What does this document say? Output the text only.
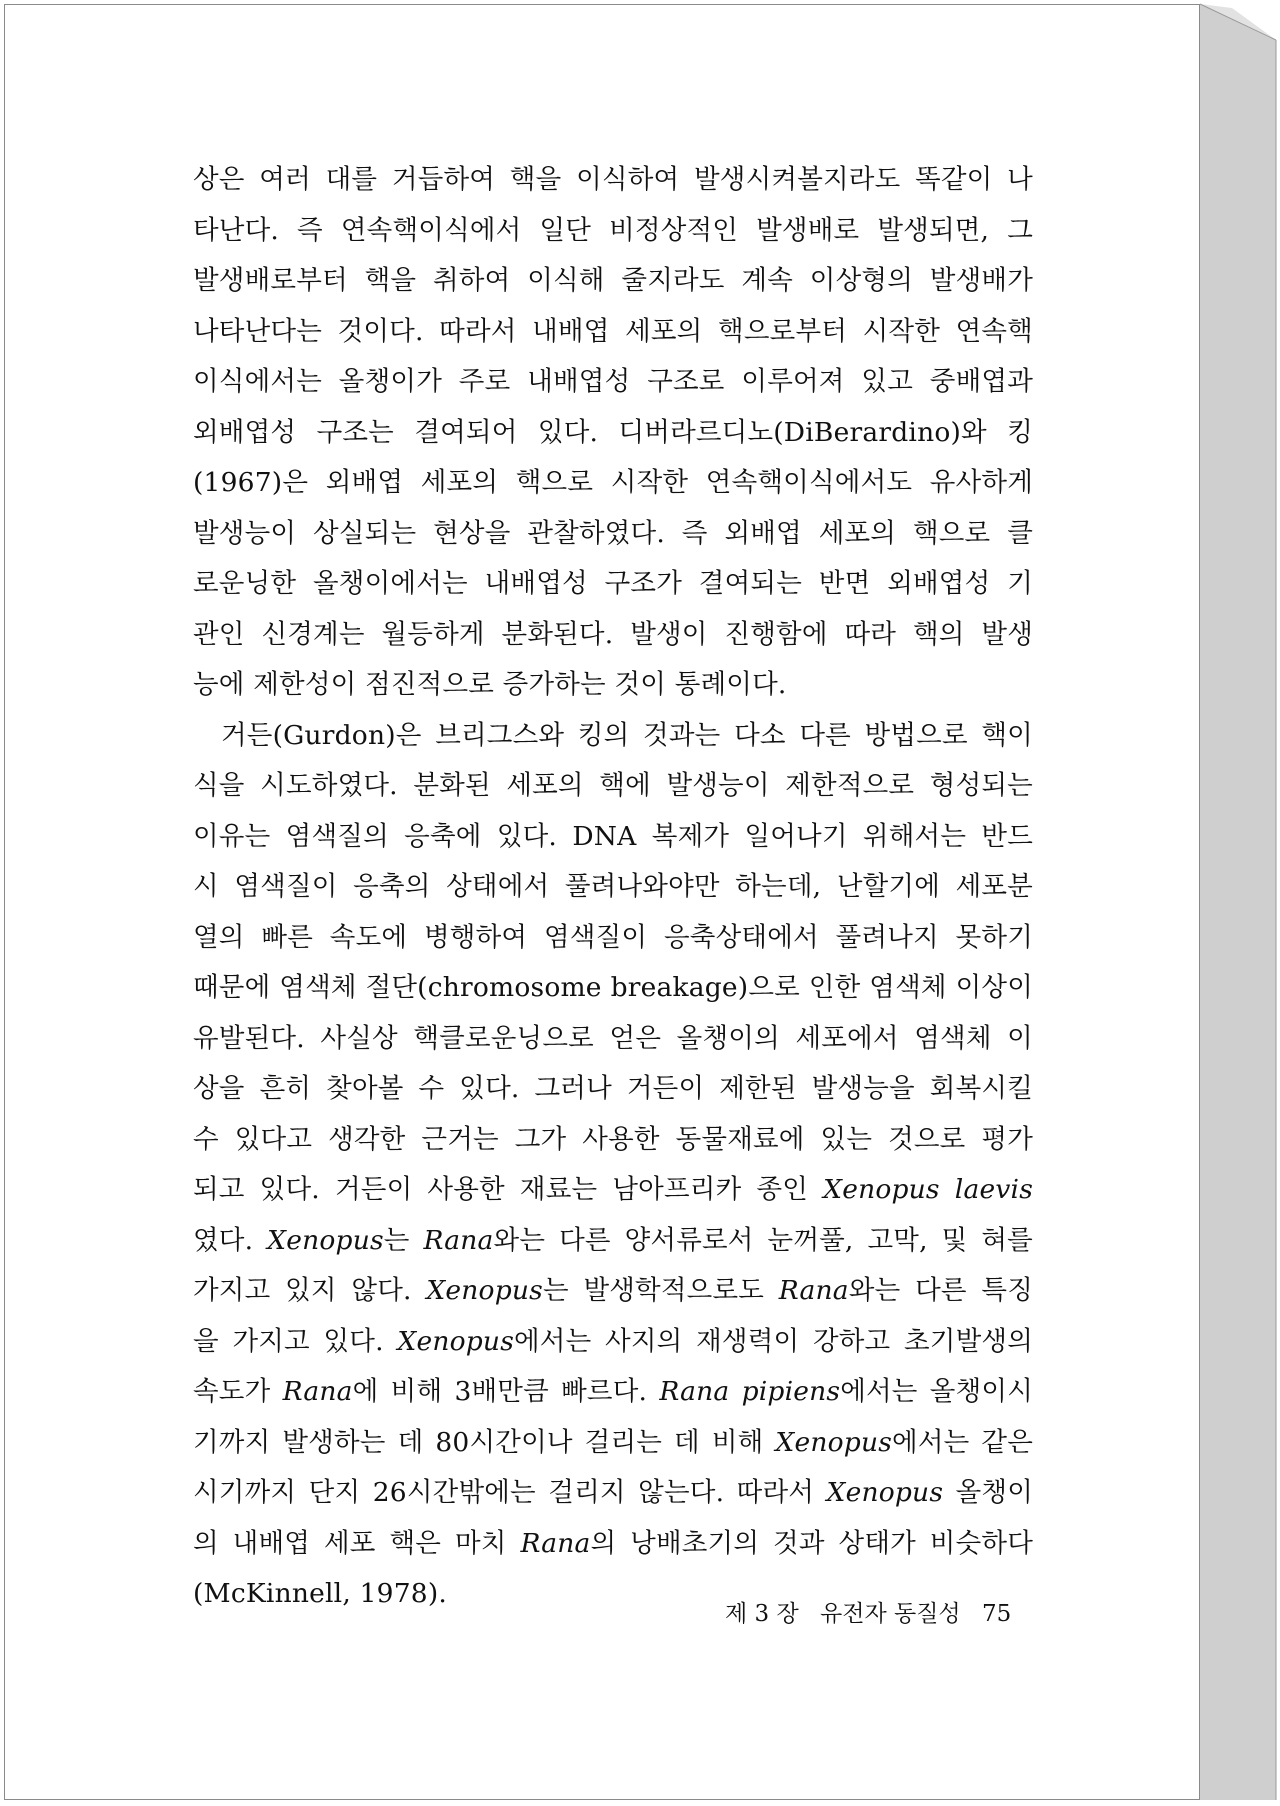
상은 여러 대를 거듭하여 핵을 이식하여 발생시켜볼지라도 똑같이 나
타난다. 즉 연속핵이식에서 일단 비정상적인 발생배로 발생되면, 그
발생배로부터 핵을 취하여 이식해 줄지라도 계속 이상형의 발생배가
나타난다는 것이다. 따라서 내배엽 세포의 핵으로부터 시작한 연속핵
이식에서는 올챙이가 주로 내배엽성 구조로 이루어져 있고 중배엽과
외배엽성 구조는 결여되어 있다. 디버라르디노(DiBerardino)와 킹
(1967)은 외배엽 세포의 핵으로 시작한 연속핵이식에서도 유사하게
발생능이 상실되는 현상을 관찰하였다. 즉 외배엽 세포의 핵으로 클
로운닝한 올챙이에서는 내배엽성 구조가 결여되는 반면 외배엽성 기
관인 신경계는 월등하게 분화된다. 발생이 진행함에 따라 핵의 발생
능에 제한성이 점진적으로 증가하는 것이 통례이다.
거든(Gurdon)은 브리그스와 킹의 것과는 다소 다른 방법으로 핵이
식을 시도하였다. 분화된 세포의 핵에 발생능이 제한적으로 형성되는
이유는 염색질의 응축에 있다. DNA 복제가 일어나기 위해서는 반드
시 염색질이 응축의 상태에서 풀려나와야만 하는데, 난할기에 세포분
열의 빠른 속도에 병행하여 염색질이 응축상태에서 풀려나지 못하기
때문에 염색체 절단(chromosome breakage)으로 인한 염색체 이상이
유발된다. 사실상 핵클로운닝으로 얻은 올챙이의 세포에서 염색체 이
상을 흔히 찾아볼 수 있다. 그러나 거든이 제한된 발생능을 회복시킬
수 있다고 생각한 근거는 그가 사용한 동물재료에 있는 것으로 평가
되고 있다. 거든이 사용한 재료는 남아프리카 종인 Xenopus laevis
였다. Xenopus는 Rana와는 다른 양서류로서 눈꺼풀, 고막, 및 혀를
가지고 있지 않다. Xenopus는 발생학적으로도 Rana와는 다른 특징
을 가지고 있다. Xenopus에서는 사지의 재생력이 강하고 초기발생의
속도가 Rana에 비해 3배만큼 빠르다. Rana pipiens에서는 올챙이시
기까지 발생하는 데 80시간이나 걸리는 데 비해 Xenopus에서는 같은
시기까지 단지 26시간밖에는 걸리지 않는다. 따라서 Xenopus 올챙이
의 내배엽 세포 핵은 마치 Rana의 낭배초기의 것과 상태가 비슷하다
(McKinnell, 1978).
제 3 장 유전자 동질성 75
